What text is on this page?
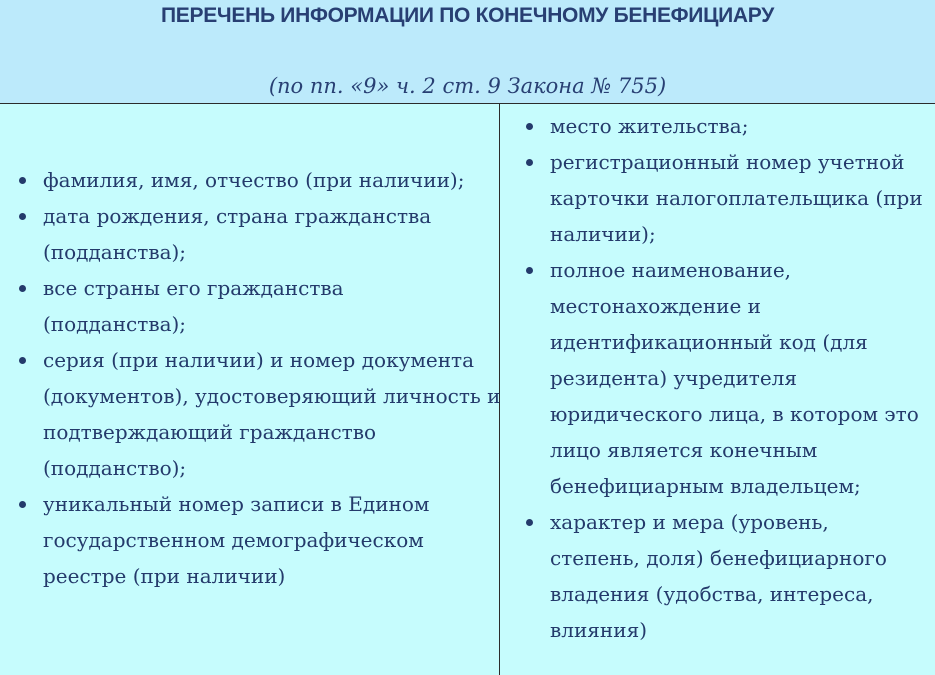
ПЕРЕЧЕНЬ ИНФОРМАЦИИ ПО КОНЕЧНОМУ БЕНЕФИЦИАРУ
(по пп. «9» ч. 2 ст. 9 Закона № 755)
фамилия, имя, отчество (при наличии);
дата рождения, страна гражданства (подданства);
все страны его гражданства (подданства);
серия (при наличии) и номер документа (документов), удостоверяющий личность и подтверждающий гражданство (подданство);
уникальный номер записи в Едином государственном демографическом реестре (при наличии)
место жительства;
регистрационный номер учетной карточки налогоплательщика (при наличии);
полное наименование, местонахождение и идентификационный код (для резидента) учредителя юридического лица, в котором это лицо является конечным бенефициарным владельцем;
характер и мера (уровень, степень, доля) бенефициарного владения (удобства, интереса, влияния)
